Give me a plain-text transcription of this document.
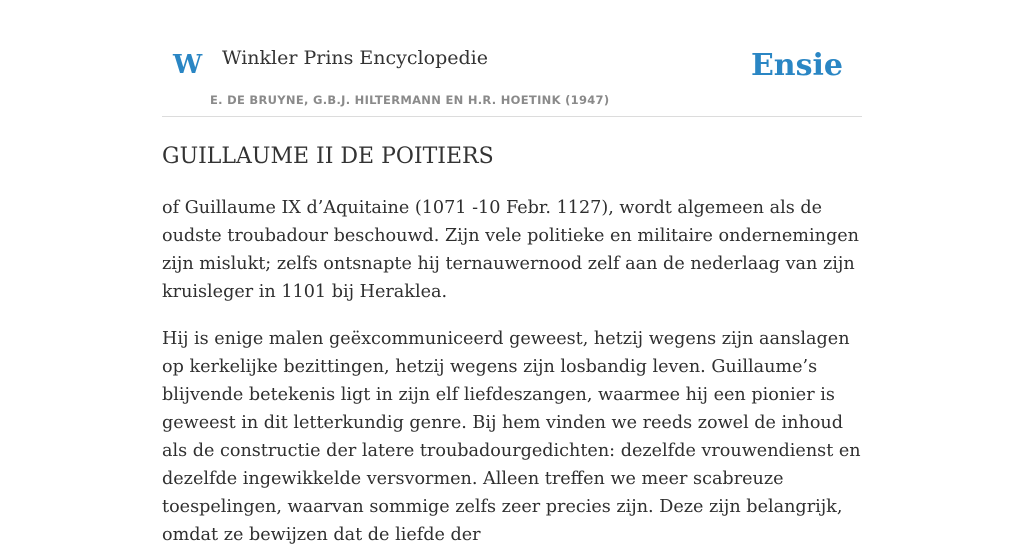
W Winkler Prins Encyclopedie
E. DE BRUYNE, G.B.J. HILTERMANN EN H.R. HOETINK (1947)
Ensie
GUILLAUME II DE POITIERS

of Guillaume IX d’Aquitaine (1071 -10 Febr. 1127), wordt algemeen als de oudste troubadour beschouwd. Zijn vele politieke en militaire ondernemingen zijn mislukt; zelfs ontsnapte hij ternauwernood zelf aan de nederlaag van zijn kruisleger in 1101 bij Heraklea.

Hij is enige malen geëxcommuniceerd geweest, hetzij wegens zijn aanslagen op kerkelijke bezittingen, hetzij wegens zijn losbandig leven. Guillaume’s blijvende betekenis ligt in zijn elf liefdeszangen, waarmee hij een pionier is geweest in dit letterkundig genre. Bij hem vinden we reeds zowel de inhoud als de constructie der latere troubadourgedichten: dezelfde vrouwendienst en dezelfde ingewikkelde versvormen. Alleen treffen we meer scabreuze toespelingen, waarvan sommige zelfs zeer precies zijn. Deze zijn belangrijk, omdat ze bewijzen dat de liefde der
